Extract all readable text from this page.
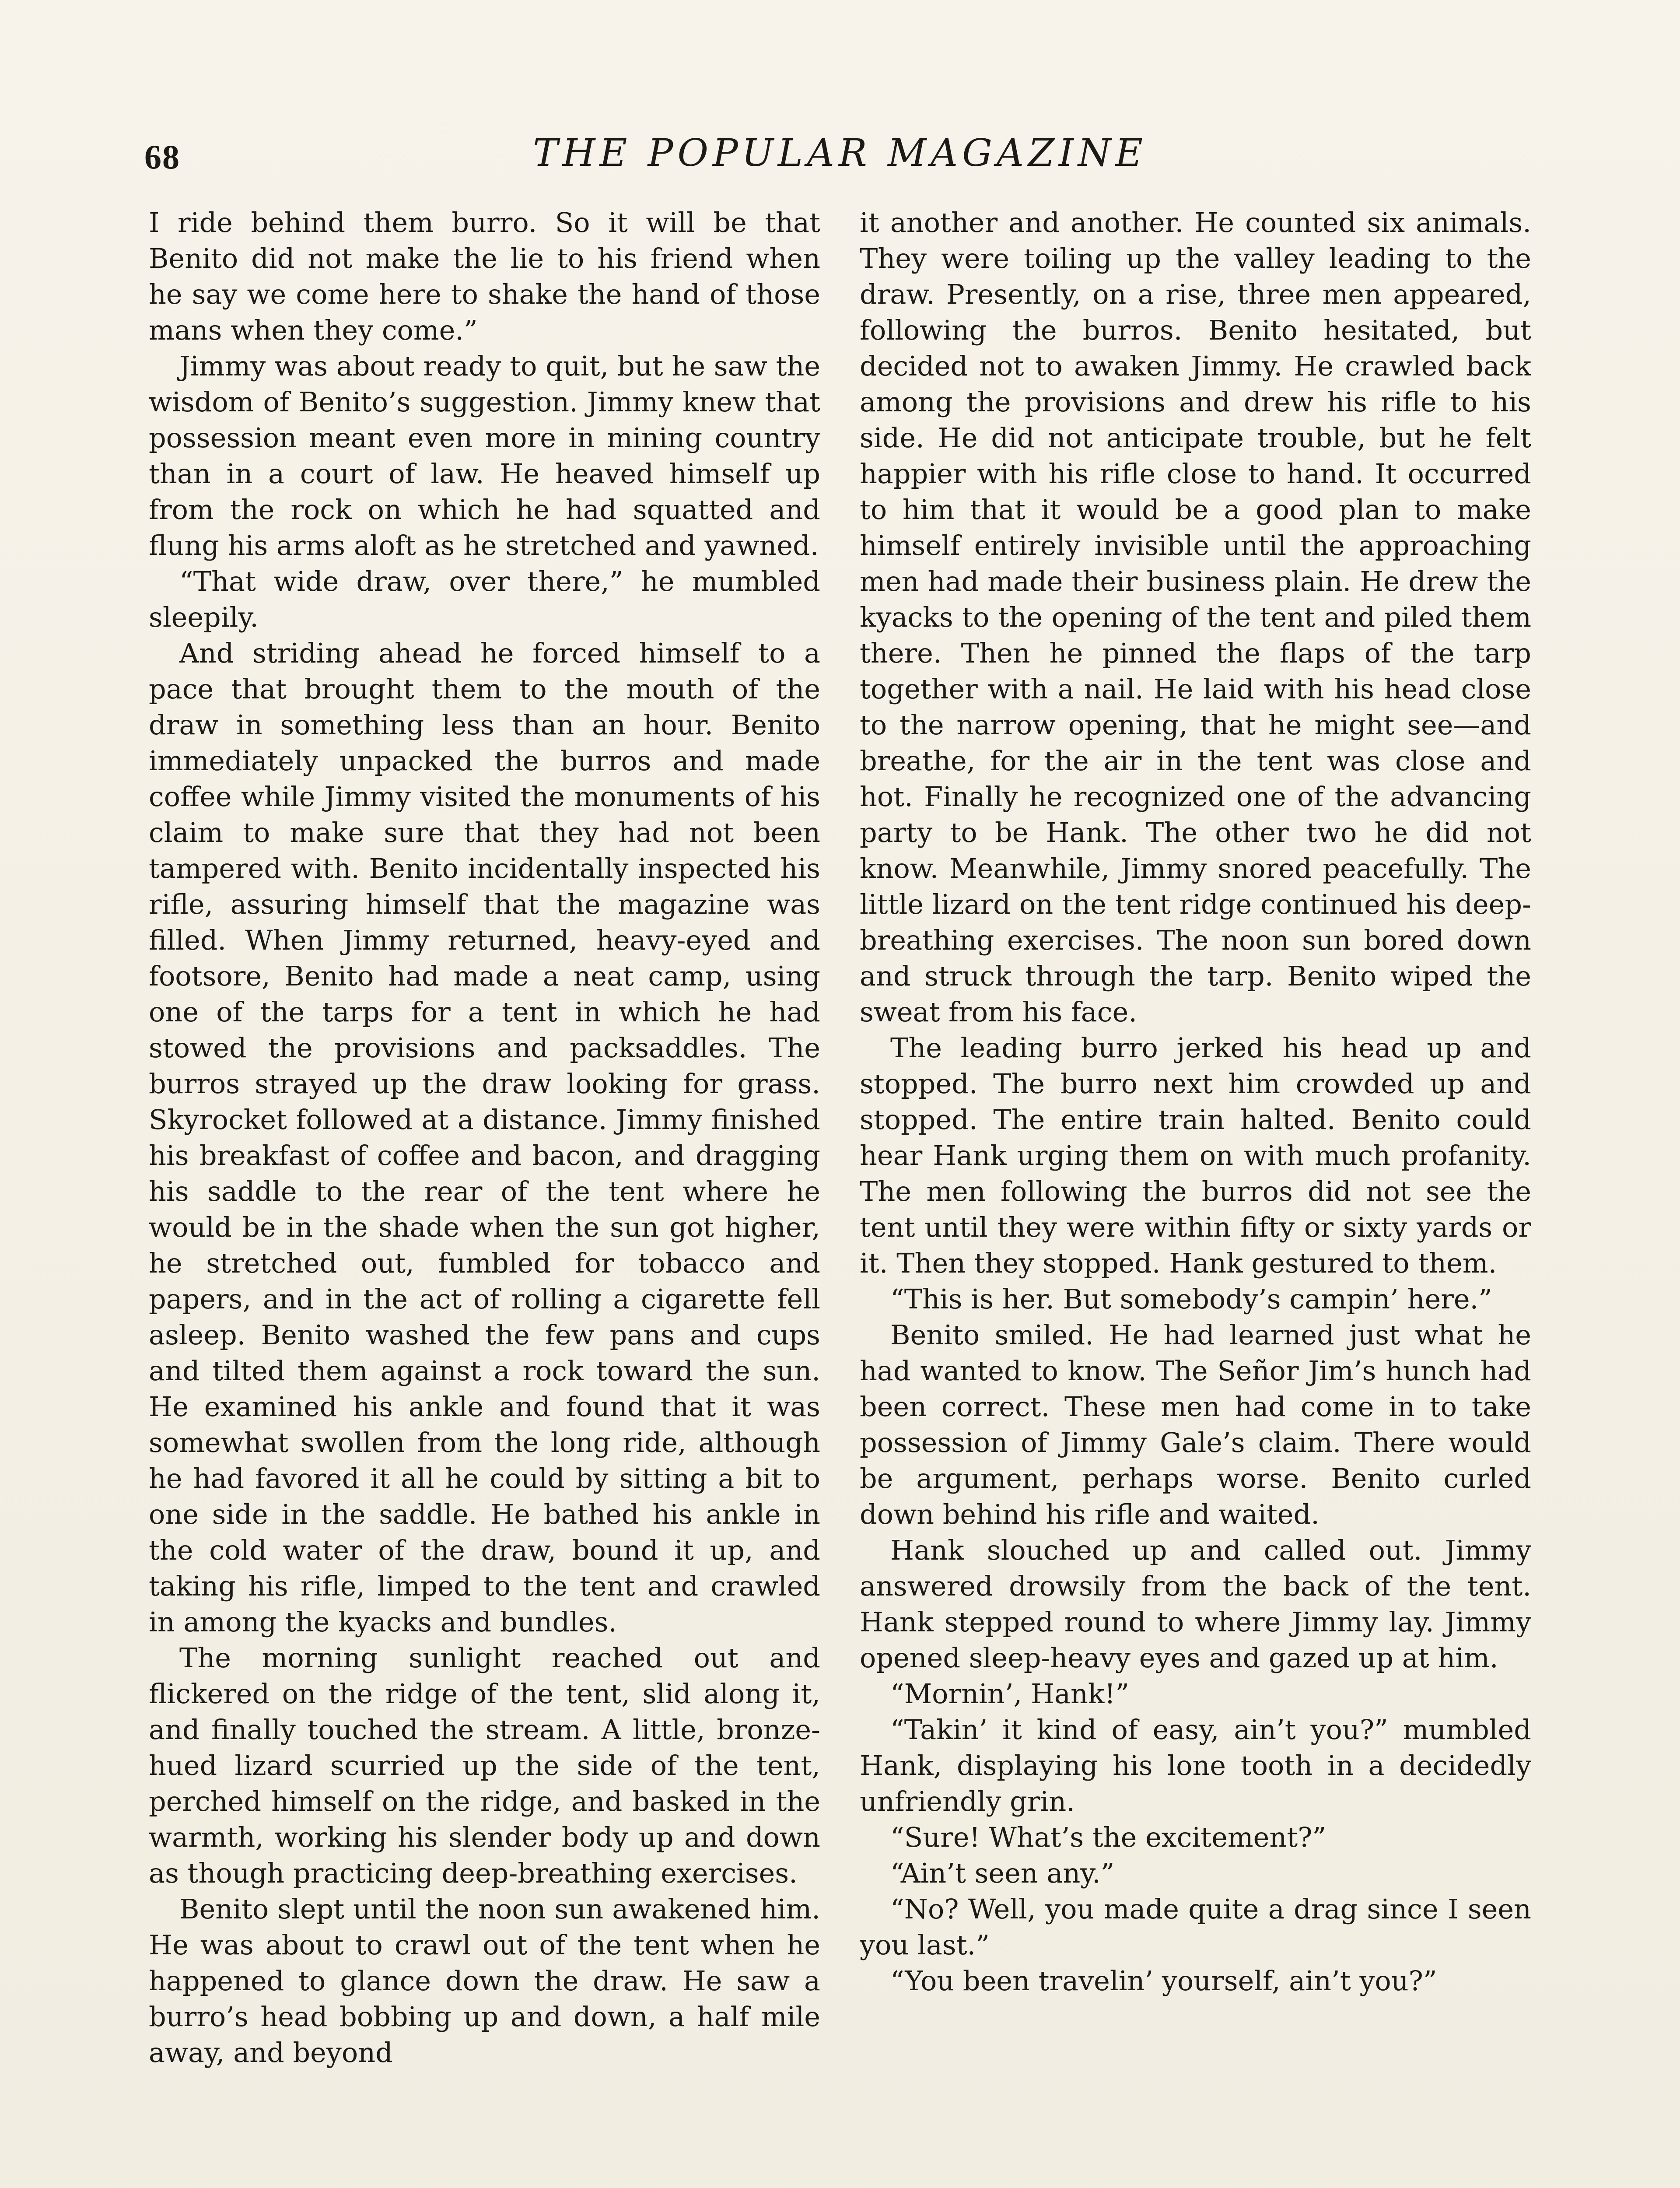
68	THE POPULAR MAGAZINE

I ride behind them burro. So it will be that Benito did not make the lie to his friend when he say we come here to shake the hand of those mans when they come.”

Jimmy was about ready to quit, but he saw the wisdom of Benito’s suggestion. Jimmy knew that possession meant even more in mining country than in a court of law. He heaved himself up from the rock on which he had squatted and flung his arms aloft as he stretched and yawned.

“That wide draw, over there,” he mumbled sleepily.

And striding ahead he forced himself to a pace that brought them to the mouth of the draw in something less than an hour. Benito immediately unpacked the burros and made coffee while Jimmy visited the monuments of his claim to make sure that they had not been tampered with. Benito incidentally inspected his rifle, assuring himself that the magazine was filled. When Jimmy returned, heavy-eyed and footsore, Benito had made a neat camp, using one of the tarps for a tent in which he had stowed the provisions and packsaddles. The burros strayed up the draw looking for grass. Skyrocket followed at a distance. Jimmy finished his breakfast of coffee and bacon, and dragging his saddle to the rear of the tent where he would be in the shade when the sun got higher, he stretched out, fumbled for tobacco and papers, and in the act of rolling a cigarette fell asleep. Benito washed the few pans and cups and tilted them against a rock toward the sun. He examined his ankle and found that it was somewhat swollen from the long ride, although he had favored it all he could by sitting a bit to one side in the saddle. He bathed his ankle in the cold water of the draw, bound it up, and taking his rifle, limped to the tent and crawled in among the kyacks and bundles.

The morning sunlight reached out and flickered on the ridge of the tent, slid along it, and finally touched the stream. A little, bronze-hued lizard scurried up the side of the tent, perched himself on the ridge, and basked in the warmth, working his slender body up and down as though practicing deep-breathing exercises.

Benito slept until the noon sun awakened him. He was about to crawl out of the tent when he happened to glance down the draw. He saw a burro’s head bobbing up and down, a half mile away, and beyond

it another and another. He counted six animals. They were toiling up the valley leading to the draw. Presently, on a rise, three men appeared, following the burros. Benito hesitated, but decided not to awaken Jimmy. He crawled back among the provisions and drew his rifle to his side. He did not anticipate trouble, but he felt happier with his rifle close to hand. It occurred to him that it would be a good plan to make himself entirely invisible until the approaching men had made their business plain. He drew the kyacks to the opening of the tent and piled them there. Then he pinned the flaps of the tarp together with a nail. He laid with his head close to the narrow opening, that he might see—and breathe, for the air in the tent was close and hot. Finally he recognized one of the advancing party to be Hank. The other two he did not know. Meanwhile, Jimmy snored peacefully. The little lizard on the tent ridge continued his deep-breathing exercises. The noon sun bored down and struck through the tarp. Benito wiped the sweat from his face.

The leading burro jerked his head up and stopped. The burro next him crowded up and stopped. The entire train halted. Benito could hear Hank urging them on with much profanity. The men following the burros did not see the tent until they were within fifty or sixty yards or it. Then they stopped. Hank gestured to them.

“This is her. But somebody’s campin’ here.”

Benito smiled. He had learned just what he had wanted to know. The Señor Jim’s hunch had been correct. These men had come in to take possession of Jimmy Gale’s claim. There would be argument, perhaps worse. Benito curled down behind his rifle and waited.

Hank slouched up and called out. Jimmy answered drowsily from the back of the tent. Hank stepped round to where Jimmy lay. Jimmy opened sleep-heavy eyes and gazed up at him.

“Mornin’, Hank!”

“Takin’ it kind of easy, ain’t you?” mumbled Hank, displaying his lone tooth in a decidedly unfriendly grin.

“Sure! What’s the excitement?”

“Ain’t seen any.”

“No? Well, you made quite a drag since I seen you last.”

“You been travelin’ yourself, ain’t you?”
